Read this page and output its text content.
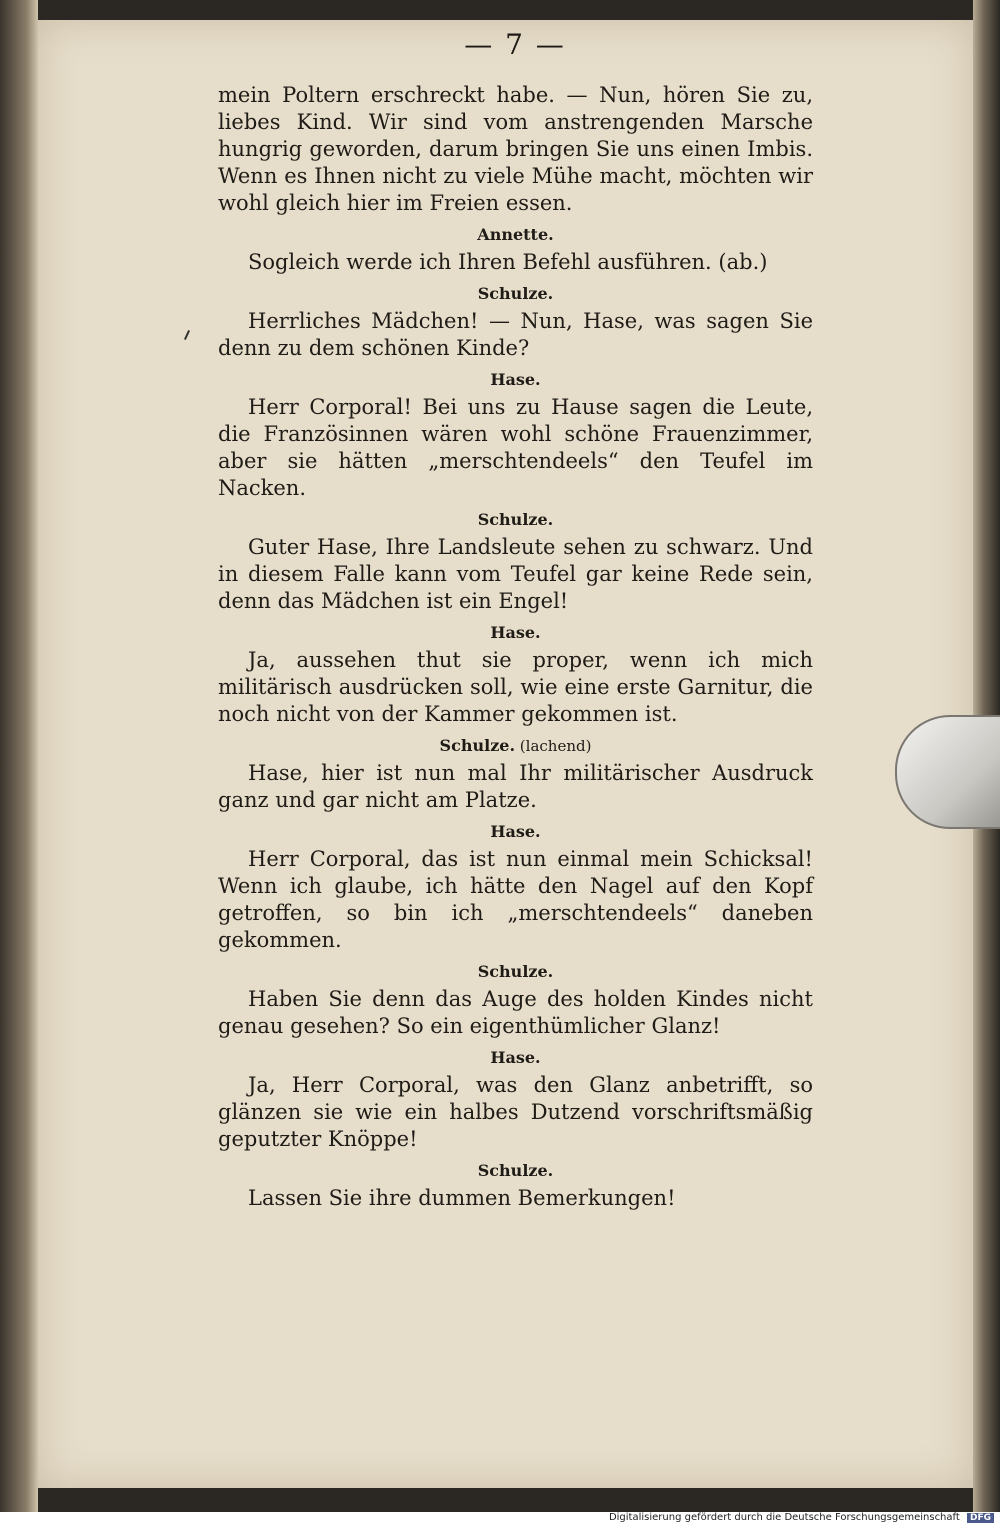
— 7 —

mein Poltern erschreckt habe. — Nun, hören Sie zu, liebes Kind. Wir sind vom anstrengenden Marsche hungrig geworden, darum bringen Sie uns einen Imbis. Wenn es Ihnen nicht zu viele Mühe macht, möchten wir wohl gleich hier im Freien essen.

Annette.

Sogleich werde ich Ihren Befehl ausführen. (ab.)

Schulze.

Herrliches Mädchen! — Nun, Hase, was sagen Sie denn zu dem schönen Kinde?

Hase.

Herr Corporal! Bei uns zu Hause sagen die Leute, die Französinnen wären wohl schöne Frauenzimmer, aber sie hätten „merschtendeels“ den Teufel im Nacken.

Schulze.

Guter Hase, Ihre Landsleute sehen zu schwarz. Und in diesem Falle kann vom Teufel gar keine Rede sein, denn das Mädchen ist ein Engel!

Hase.

Ja, aussehen thut sie proper, wenn ich mich militärisch ausdrücken soll, wie eine erste Garnitur, die noch nicht von der Kammer gekommen ist.

Schulze. (lachend)

Hase, hier ist nun mal Ihr militärischer Ausdruck ganz und gar nicht am Platze.

Hase.

Herr Corporal, das ist nun einmal mein Schicksal! Wenn ich glaube, ich hätte den Nagel auf den Kopf getroffen, so bin ich „merschtendeels“ daneben gekommen.

Schulze.

Haben Sie denn das Auge des holden Kindes nicht genau gesehen? So ein eigenthümlicher Glanz!

Hase.

Ja, Herr Corporal, was den Glanz anbetrifft, so glänzen sie wie ein halbes Dutzend vorschriftsmäßig geputzter Knöppe!

Schulze.

Lassen Sie ihre dummen Bemerkungen!

Digitalisierung gefördert durch die Deutsche Forschungsgemeinschaft DFG
